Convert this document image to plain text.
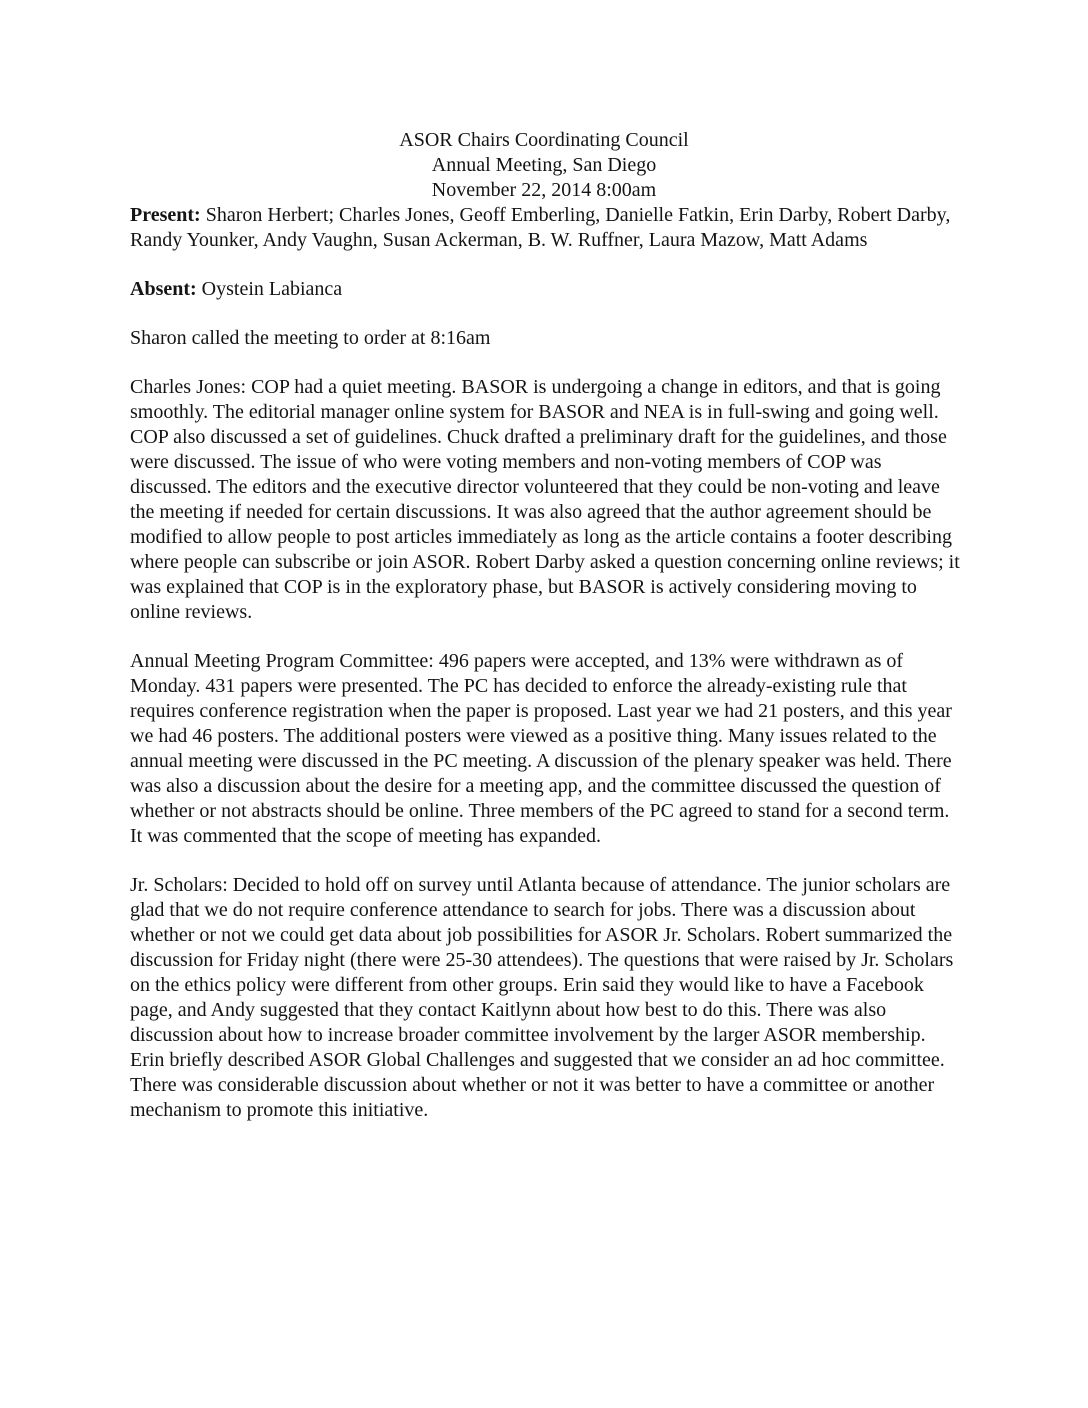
ASOR Chairs Coordinating Council
Annual Meeting, San Diego
November 22, 2014 8:00am

Present: Sharon Herbert; Charles Jones, Geoff Emberling, Danielle Fatkin, Erin Darby, Robert Darby, Randy Younker, Andy Vaughn, Susan Ackerman, B. W. Ruffner, Laura Mazow, Matt Adams

Absent: Oystein Labianca

Sharon called the meeting to order at 8:16am

Charles Jones: COP had a quiet meeting. BASOR is undergoing a change in editors, and that is going smoothly. The editorial manager online system for BASOR and NEA is in full-swing and going well. COP also discussed a set of guidelines. Chuck drafted a preliminary draft for the guidelines, and those were discussed. The issue of who were voting members and non-voting members of COP was discussed. The editors and the executive director volunteered that they could be non-voting and leave the meeting if needed for certain discussions. It was also agreed that the author agreement should be modified to allow people to post articles immediately as long as the article contains a footer describing where people can subscribe or join ASOR. Robert Darby asked a question concerning online reviews; it was explained that COP is in the exploratory phase, but BASOR is actively considering moving to online reviews.

Annual Meeting Program Committee: 496 papers were accepted, and 13% were withdrawn as of Monday. 431 papers were presented. The PC has decided to enforce the already-existing rule that requires conference registration when the paper is proposed. Last year we had 21 posters, and this year we had 46 posters. The additional posters were viewed as a positive thing. Many issues related to the annual meeting were discussed in the PC meeting. A discussion of the plenary speaker was held. There was also a discussion about the desire for a meeting app, and the committee discussed the question of whether or not abstracts should be online. Three members of the PC agreed to stand for a second term. It was commented that the scope of meeting has expanded.

Jr. Scholars: Decided to hold off on survey until Atlanta because of attendance. The junior scholars are glad that we do not require conference attendance to search for jobs. There was a discussion about whether or not we could get data about job possibilities for ASOR Jr. Scholars. Robert summarized the discussion for Friday night (there were 25-30 attendees). The questions that were raised by Jr. Scholars on the ethics policy were different from other groups. Erin said they would like to have a Facebook page, and Andy suggested that they contact Kaitlynn about how best to do this. There was also discussion about how to increase broader committee involvement by the larger ASOR membership. Erin briefly described ASOR Global Challenges and suggested that we consider an ad hoc committee. There was considerable discussion about whether or not it was better to have a committee or another mechanism to promote this initiative.
